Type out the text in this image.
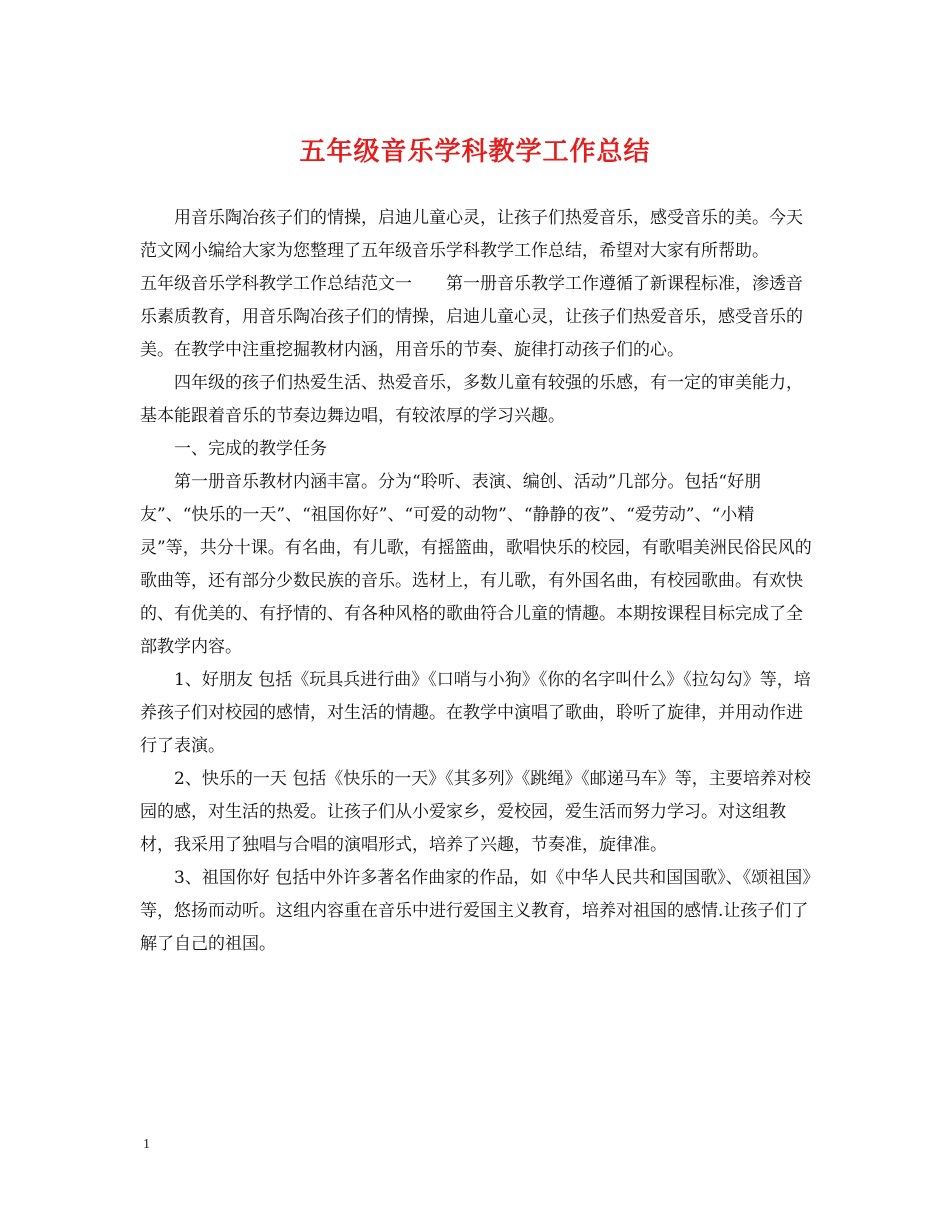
五年级音乐学科教学工作总结

用音乐陶冶孩子们的情操，启迪儿童心灵，让孩子们热爱音乐，感受音乐的美。今天范文网小编给大家为您整理了五年级音乐学科教学工作总结，希望对大家有所帮助。

五年级音乐学科教学工作总结范文一　　第一册音乐教学工作遵循了新课程标准，渗透音乐素质教育，用音乐陶冶孩子们的情操，启迪儿童心灵，让孩子们热爱音乐，感受音乐的美。在教学中注重挖掘教材内涵，用音乐的节奏、旋律打动孩子们的心。

四年级的孩子们热爱生活、热爱音乐，多数儿童有较强的乐感，有一定的审美能力，基本能跟着音乐的节奏边舞边唱，有较浓厚的学习兴趣。

一、完成的教学任务

第一册音乐教材内涵丰富。分为“聆听、表演、编创、活动”几部分。包括“好朋友”、“快乐的一天”、“祖国你好”、“可爱的动物”、“静静的夜”、“爱劳动”、“小精灵”等，共分十课。有名曲，有儿歌，有摇篮曲，歌唱快乐的校园，有歌唱美洲民俗民风的歌曲等，还有部分少数民族的音乐。选材上，有儿歌，有外国名曲，有校园歌曲。有欢快的、有优美的、有抒情的、有各种风格的歌曲符合儿童的情趣。本期按课程目标完成了全部教学内容。

1、好朋友 包括《玩具兵进行曲》《口哨与小狗》《你的名字叫什么》《拉勾勾》等，培养孩子们对校园的感情，对生活的情趣。在教学中演唱了歌曲，聆听了旋律，并用动作进行了表演。

2、快乐的一天 包括《快乐的一天》《其多列》《跳绳》《邮递马车》等，主要培养对校园的感，对生活的热爱。让孩子们从小爱家乡，爱校园，爱生活而努力学习。对这组教材，我采用了独唱与合唱的演唱形式，培养了兴趣，节奏准，旋律准。

3、祖国你好 包括中外许多著名作曲家的作品，如《中华人民共和国国歌》、《颂祖国》等，悠扬而动听。这组内容重在音乐中进行爱国主义教育，培养对祖国的感情.让孩子们了解了自己的祖国。

1
